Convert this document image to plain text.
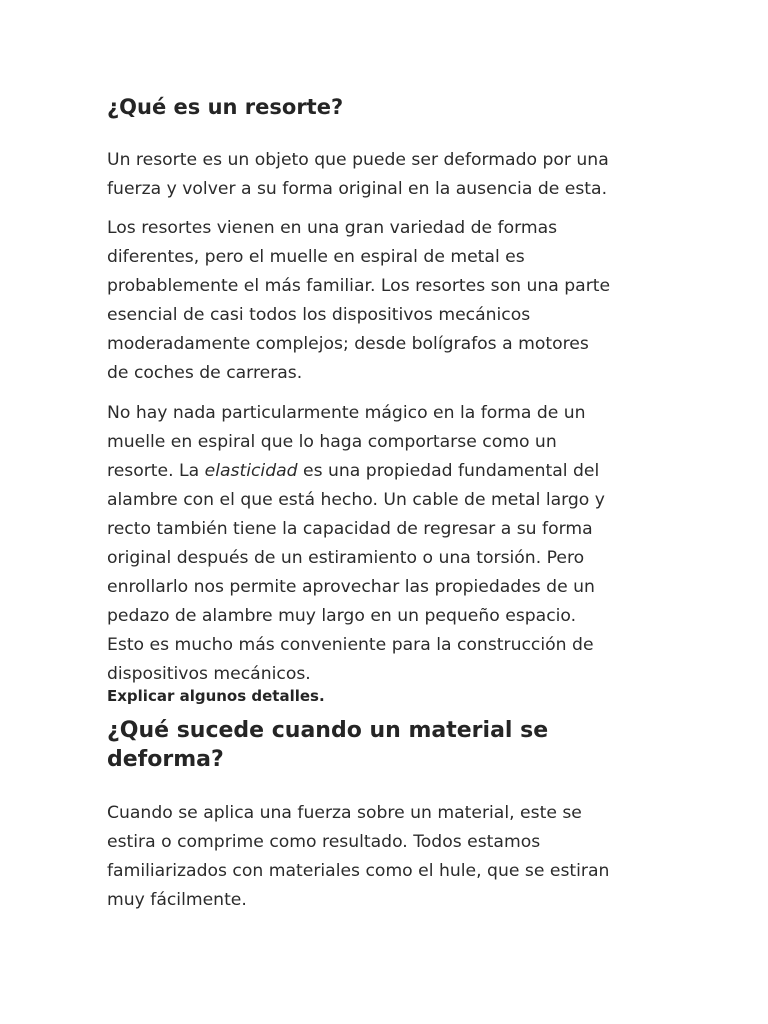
¿Qué es un resorte?

Un resorte es un objeto que puede ser deformado por una
fuerza y volver a su forma original en la ausencia de esta.

Los resortes vienen en una gran variedad de formas
diferentes, pero el muelle en espiral de metal es
probablemente el más familiar. Los resortes son una parte
esencial de casi todos los dispositivos mecánicos
moderadamente complejos; desde bolígrafos a motores
de coches de carreras.

No hay nada particularmente mágico en la forma de un
muelle en espiral que lo haga comportarse como un
resorte. La elasticidad es una propiedad fundamental del
alambre con el que está hecho. Un cable de metal largo y
recto también tiene la capacidad de regresar a su forma
original después de un estiramiento o una torsión. Pero
enrollarlo nos permite aprovechar las propiedades de un
pedazo de alambre muy largo en un pequeño espacio.
Esto es mucho más conveniente para la construcción de
dispositivos mecánicos.

Explicar algunos detalles.

¿Qué sucede cuando un material se
deforma?

Cuando se aplica una fuerza sobre un material, este se
estira o comprime como resultado. Todos estamos
familiarizados con materiales como el hule, que se estiran
muy fácilmente.
